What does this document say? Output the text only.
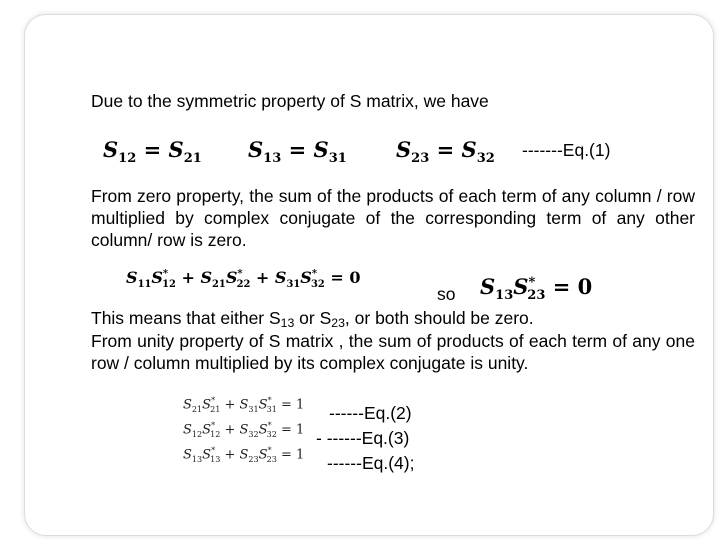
Due to the symmetric property of S matrix, we have
$S_{12} = S_{21}$ $S_{13} = S_{31}$ $S_{23} = S_{32}$ -------Eq.(1)
From zero property, the sum of the products of each term of any column / row multiplied by complex conjugate of the corresponding term of any other column/ row is zero.
$S_{11}S^*_{12} + S_{21}S^*_{22} + S_{31}S^*_{32} = 0$
so $S_{13}S^*_{23} = 0$
This means that either S13 or S23, or both should be zero.
From unity property of S matrix , the sum of products of each term of any one row / column multiplied by its complex conjugate is unity.
$S_{21}S^*_{21} + S_{31}S^*_{31} = 1$
$S_{12}S^*_{12} + S_{32}S^*_{32} = 1$
$S_{13}S^*_{13} + S_{23}S^*_{23} = 1$
------Eq.(2)
- ------Eq.(3)
------Eq.(4);
